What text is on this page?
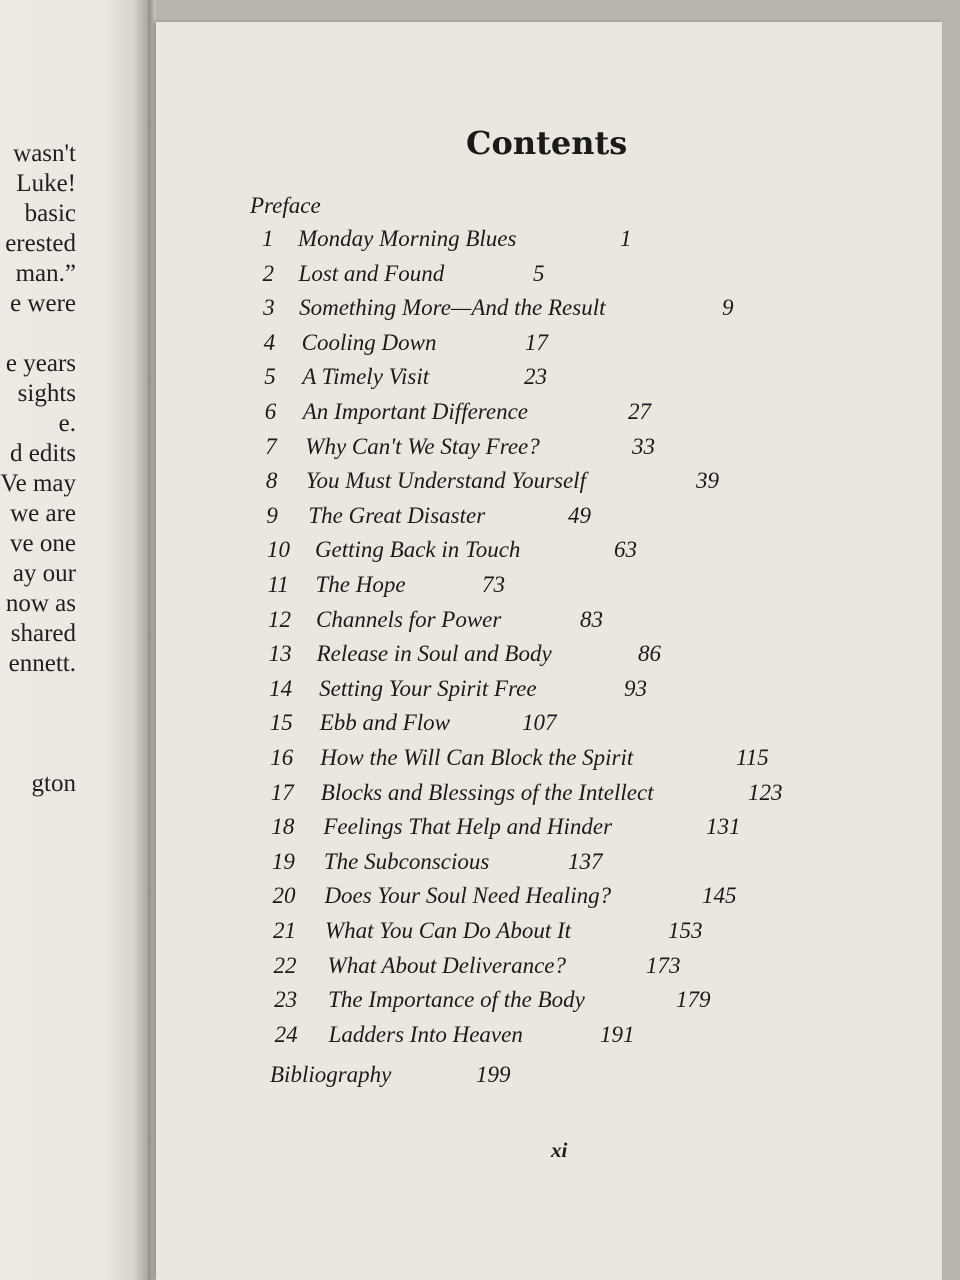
wasn't
Luke!
basic
erested
man.”
e were
e years
sights
e.
d edits
Ve may
we are
ve one
ay our
now as
shared
ennett.
gton
Contents
Preface
1 Monday Morning Blues	1
2 Lost and Found	5
3 Something More—And the Result	9
4 Cooling Down	17
5 A Timely Visit	23
6 An Important Difference	27
7 Why Can't We Stay Free?	33
8 You Must Understand Yourself	39
9 The Great Disaster	49
10 Getting Back in Touch	63
11 The Hope	73
12 Channels for Power	83
13 Release in Soul and Body	86
14 Setting Your Spirit Free	93
15 Ebb and Flow	107
16 How the Will Can Block the Spirit	115
17 Blocks and Blessings of the Intellect	123
18 Feelings That Help and Hinder	131
19 The Subconscious	137
20 Does Your Soul Need Healing?	145
21 What You Can Do About It	153
22 What About Deliverance?	173
23 The Importance of the Body	179
24 Ladders Into Heaven	191
Bibliography	199
xi
